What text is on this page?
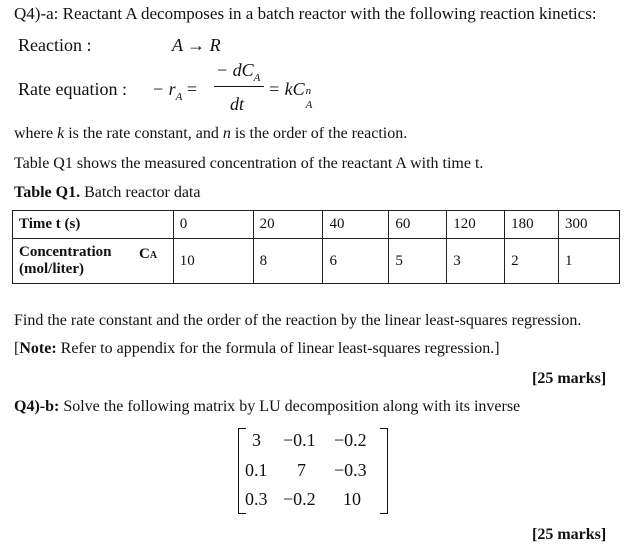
Q4)-a: Reactant A decomposes in a batch reactor with the following reaction kinetics:
Reaction :	A → R
Rate equation : − $r_A$ =
− $dC_A$
dt
= kC n
A
where k is the rate constant, and n is the order of the reaction.
Table Q1 shows the measured concentration of the reactant A with time t.
Table Q1. Batch reactor data
Time t (s)	0	20	40	60	120	180	300

Concentration
(mol/liter)
CA	10	8	6	5	3	2	1
Find the rate constant and the order of the reaction by the linear least-squares regression.
[Note: Refer to appendix for the formula of linear least-squares regression.]
[25 marks]
Q4)-b: Solve the following matrix by LU decomposition along with its inverse
3 −0.1 −0.2
0.1 7 −0.3
0.3 −0.2 10
[25 marks]
